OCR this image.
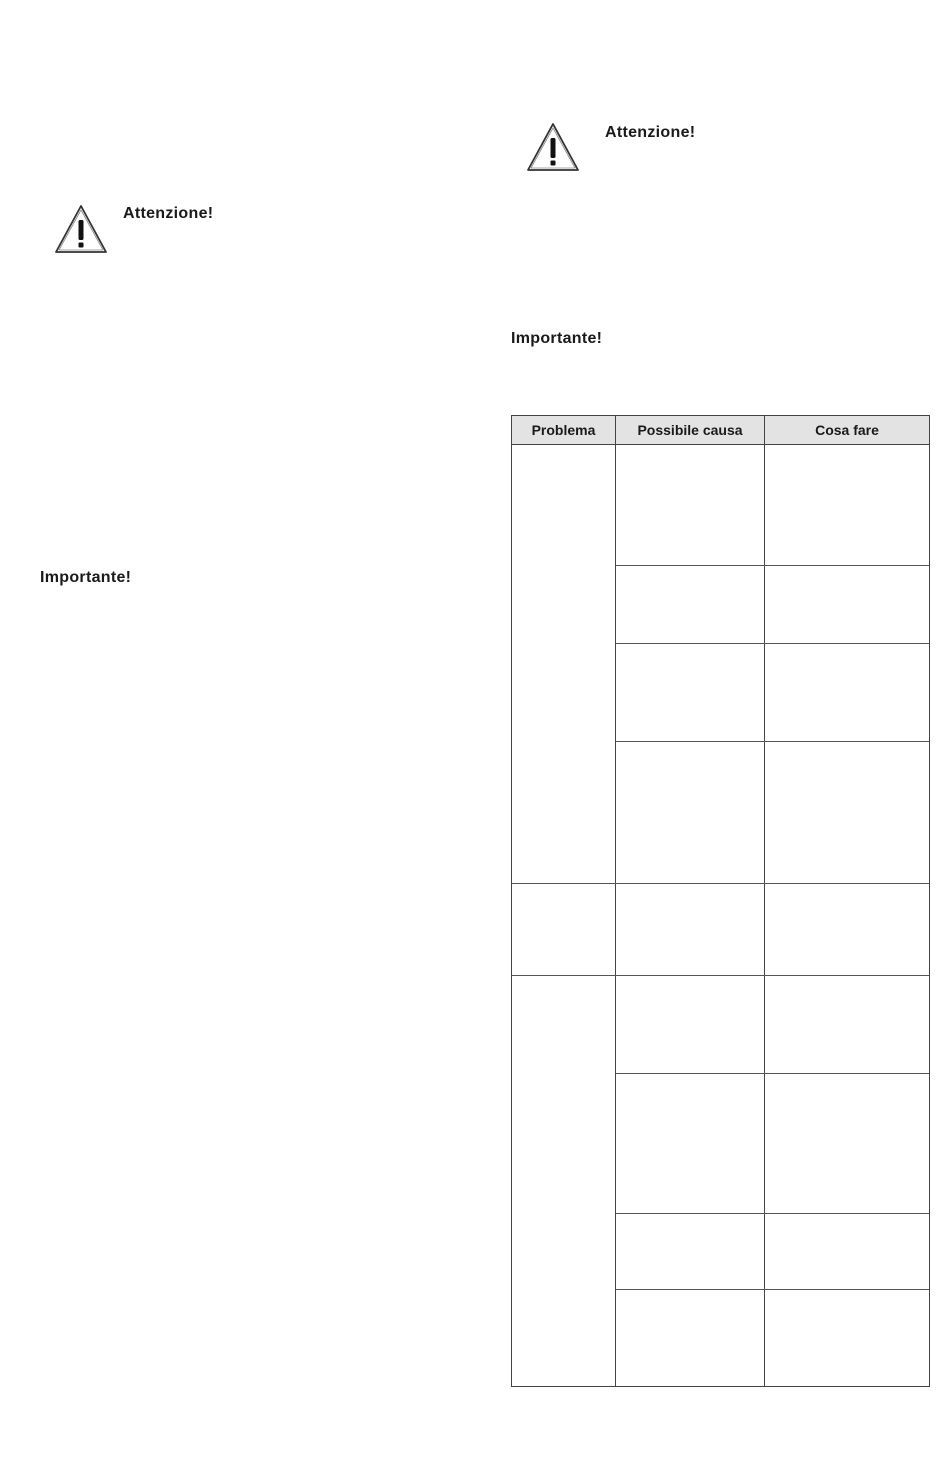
Attenzione!
Importante!
Attenzione!
Importante!
Problema	Possibile causa	Cosa fare
